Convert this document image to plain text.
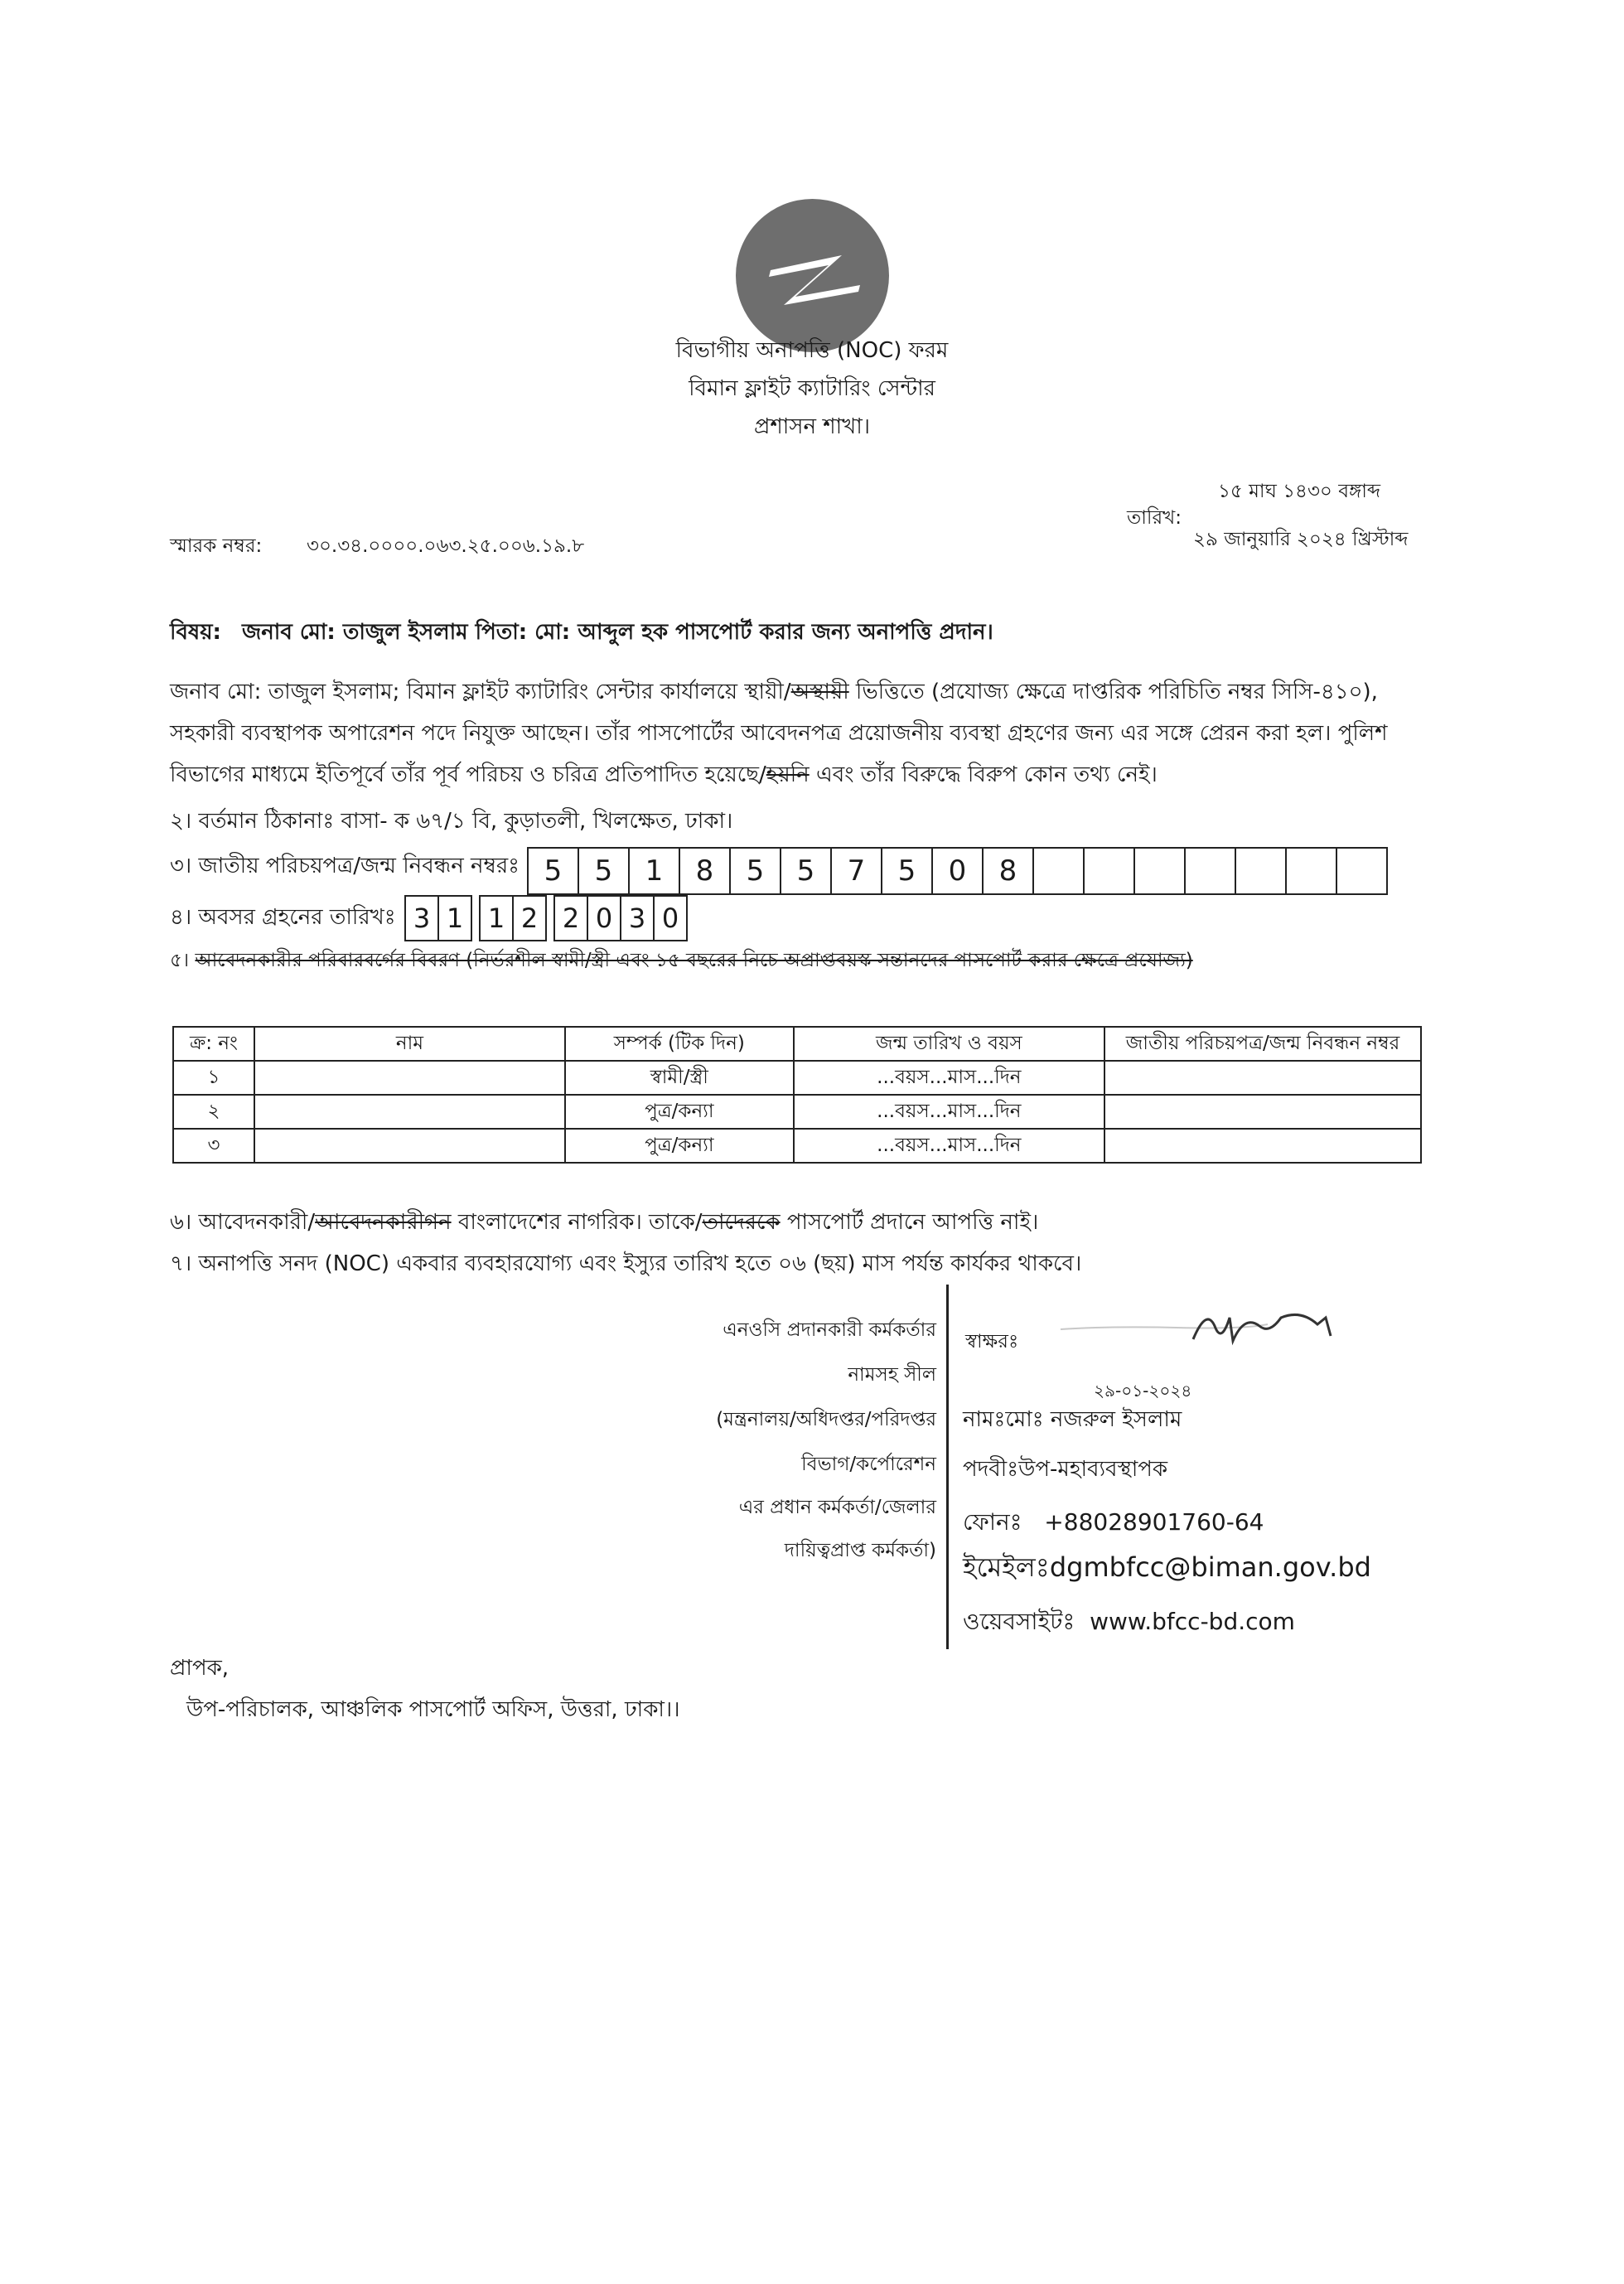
বিভাগীয় অনাপত্তি (NOC) ফরম
বিমান ফ্লাইট ক্যাটারিং সেন্টার
প্রশাসন শাখা।
১৫ মাঘ ১৪৩০ বঙ্গাব্দ
তারিখ:
২৯ জানুয়ারি ২০২৪ খ্রিস্টাব্দ
স্মারক নম্বর: ৩০.৩৪.০০০০.০৬৩.২৫.০০৬.১৯.৮
বিষয়: জনাব মো: তাজুল ইসলাম পিতা: মো: আব্দুল হক পাসপোর্ট করার জন্য অনাপত্তি প্রদান।
জনাব মো: তাজুল ইসলাম; বিমান ফ্লাইট ক্যাটারিং সেন্টার কার্যালয়ে স্থায়ী/অস্থায়ী ভিত্তিতে (প্রযোজ্য ক্ষেত্রে দাপ্তরিক পরিচিতি নম্বর সিসি-৪১০),
সহকারী ব্যবস্থাপক অপারেশন পদে নিযুক্ত আছেন। তাঁর পাসপোর্টের আবেদনপত্র প্রয়োজনীয় ব্যবস্থা গ্রহণের জন্য এর সঙ্গে প্রেরন করা হল। পুলিশ
বিভাগের মাধ্যমে ইতিপূর্বে তাঁর পূর্ব পরিচয় ও চরিত্র প্রতিপাদিত হয়েছে/হয়নি এবং তাঁর বিরুদ্ধে বিরুপ কোন তথ্য নেই।
২। বর্তমান ঠিকানাঃ বাসা- ক ৬৭/১ বি, কুড়াতলী, খিলক্ষেত, ঢাকা।
৩। জাতীয় পরিচয়পত্র/জন্ম নিবন্ধন নম্বরঃ 5	5	1	8	5	5	7	5	0	8
৪। অবসর গ্রহনের তারিখঃ 3 1 1 2 2 0 3 0
৫। আবেদনকারীর পরিবারবর্গের বিবরণ (নির্ভরশীল স্বামী/স্ত্রী এবং ১৫ বছরের নিচে অপ্রাপ্তবয়স্ক সন্তানদের পাসপোর্ট করার ক্ষেত্রে প্রযোজ্য)
ক্র: নং	নাম	সম্পর্ক (টিক দিন)	জন্ম তারিখ ও বয়স	জাতীয় পরিচয়পত্র/জন্ম নিবন্ধন নম্বর
১		স্বামী/স্ত্রী	...বয়স...মাস...দিন	
২		পুত্র/কন্যা	...বয়স...মাস...দিন	
৩		পুত্র/কন্যা	...বয়স...মাস...দিন	
৬। আবেদনকারী/আবেদনকারীগন বাংলাদেশের নাগরিক। তাকে/তাদেরকে পাসপোর্ট প্রদানে আপত্তি নাই।
৭। অনাপত্তি সনদ (NOC) একবার ব্যবহারযোগ্য এবং ইস্যুর তারিখ হতে ০৬ (ছয়) মাস পর্যন্ত কার্যকর থাকবে।
এনওসি প্রদানকারী কর্মকর্তার
নামসহ সীল
(মন্ত্রনালয়/অধিদপ্তর/পরিদপ্তর
বিভাগ/কর্পোরেশন
এর প্রধান কর্মকর্তা/জেলার
দায়িত্বপ্রাপ্ত কর্মকর্তা)
স্বাক্ষরঃ
২৯-০১-২০২৪
নামঃমোঃ নজরুল ইসলাম
পদবীঃউপ-মহাব্যবস্থাপক
ফোনঃ +88028901760-64
ইমেইলঃdgmbfcc@biman.gov.bd
ওয়েবসাইটঃ www.bfcc-bd.com
প্রাপক,
উপ-পরিচালক, আঞ্চলিক পাসপোর্ট অফিস, উত্তরা, ঢাকা।।
